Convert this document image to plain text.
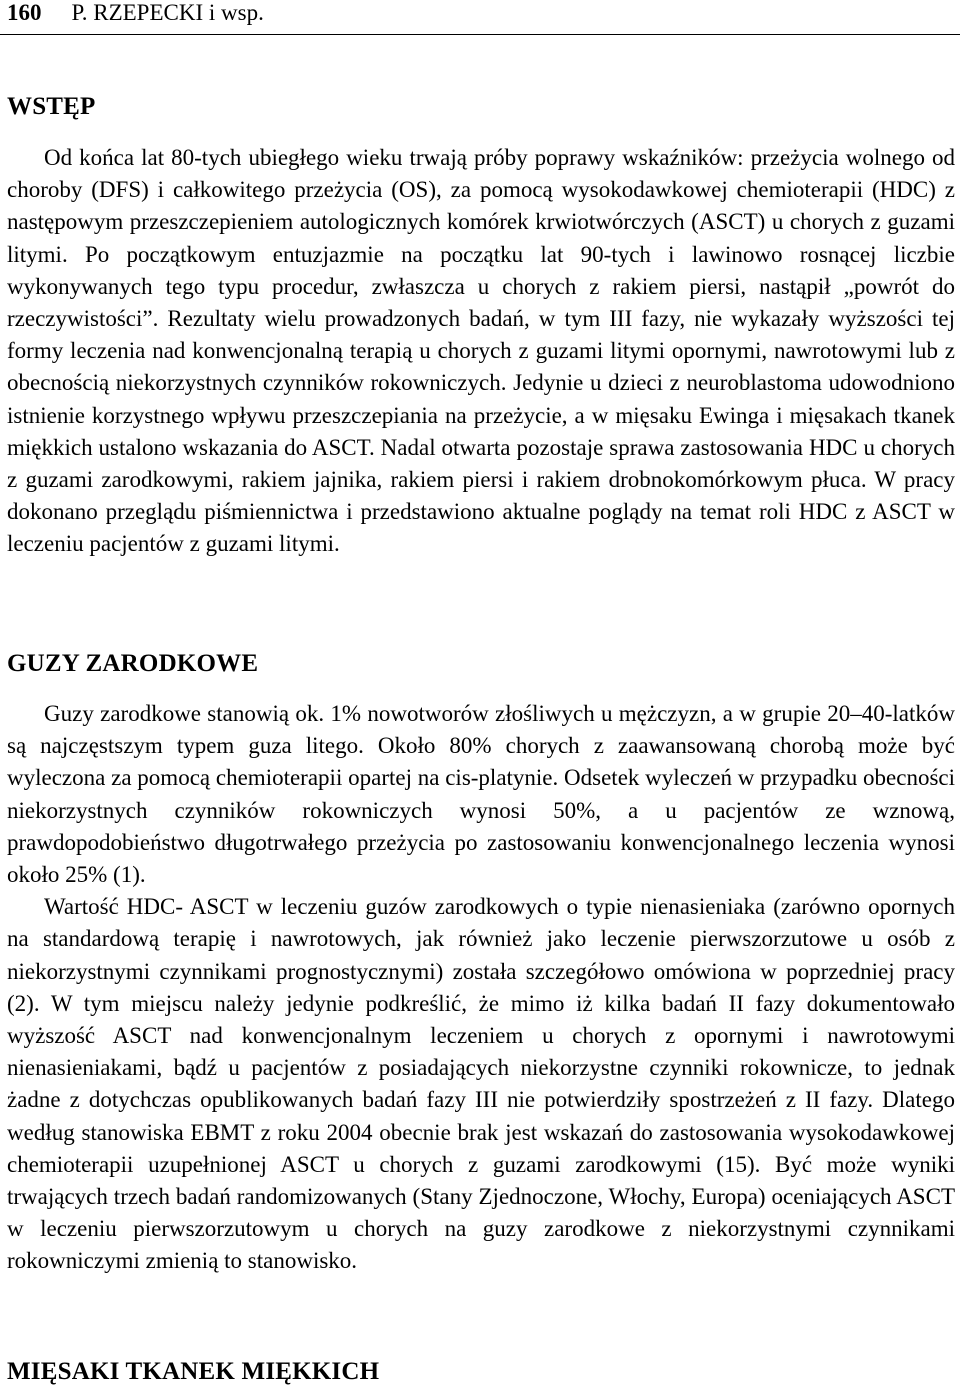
160 P. RZEPECKI i wsp.
WSTĘP

Od końca lat 80-tych ubiegłego wieku trwają próby poprawy wskaźników: przeżycia wolnego od choroby (DFS) i całkowitego przeżycia (OS), za pomocą wysokodawkowej chemioterapii (HDC) z następowym przeszczepieniem autologicznych komórek krwiotwórczych (ASCT) u chorych z guzami litymi. Po początkowym entuzjazmie na początku lat 90-tych i lawinowo rosnącej liczbie wykonywanych tego typu procedur, zwłaszcza u chorych z rakiem piersi, nastąpił „powrót do rzeczywistości”. Rezultaty wielu prowadzonych badań, w tym III fazy, nie wykazały wyższości tej formy leczenia nad konwencjonalną terapią u chorych z guzami litymi opornymi, nawrotowymi lub z obecnością niekorzystnych czynników rokowniczych. Jedynie u dzieci z neuroblastoma udowodniono istnienie korzystnego wpływu przeszczepiania na przeżycie, a w mięsaku Ewinga i mięsakach tkanek miękkich ustalono wskazania do ASCT. Nadal otwarta pozostaje sprawa zastosowania HDC u chorych z guzami zarodkowymi, rakiem jajnika, rakiem piersi i rakiem drobnokomórkowym płuca. W pracy dokonano przeglądu piśmiennictwa i przedstawiono aktualne poglądy na temat roli HDC z ASCT w leczeniu pacjentów z guzami litymi.

GUZY ZARODKOWE

Guzy zarodkowe stanowią ok. 1% nowotworów złośliwych u mężczyzn, a w grupie 20–40-latków są najczęstszym typem guza litego. Około 80% chorych z zaawansowaną chorobą może być wyleczona za pomocą chemioterapii opartej na cis-platynie. Odsetek wyleczeń w przypadku obecności niekorzystnych czynników rokowniczych wynosi 50%, a u pacjentów ze wznową, prawdopodobieństwo długotrwałego przeżycia po zastosowaniu konwencjonalnego leczenia wynosi około 25% (1).

Wartość HDC- ASCT w leczeniu guzów zarodkowych o typie nienasieniaka (zarówno opornych na standardową terapię i nawrotowych, jak również jako leczenie pierwszorzutowe u osób z niekorzystnymi czynnikami prognostycznymi) została szczegółowo omówiona w poprzedniej pracy (2). W tym miejscu należy jedynie podkreślić, że mimo iż kilka badań II fazy dokumentowało wyższość ASCT nad konwencjonalnym leczeniem u chorych z opornymi i nawrotowymi nienasieniakami, bądź u pacjentów z posiadających niekorzystne czynniki rokownicze, to jednak żadne z dotychczas opublikowanych badań fazy III nie potwierdziły spostrzeżeń z II fazy. Dlatego według stanowiska EBMT z roku 2004 obecnie brak jest wskazań do zastosowania wysokodawkowej chemioterapii uzupełnionej ASCT u chorych z guzami zarodkowymi (15). Być może wyniki trwających trzech badań randomizowanych (Stany Zjednoczone, Włochy, Europa) oceniających ASCT w leczeniu pierwszorzutowym u chorych na guzy zarodkowe z niekorzystnymi czynnikami rokowniczymi zmienią to stanowisko.

MIĘSAKI TKANEK MIĘKKICH
